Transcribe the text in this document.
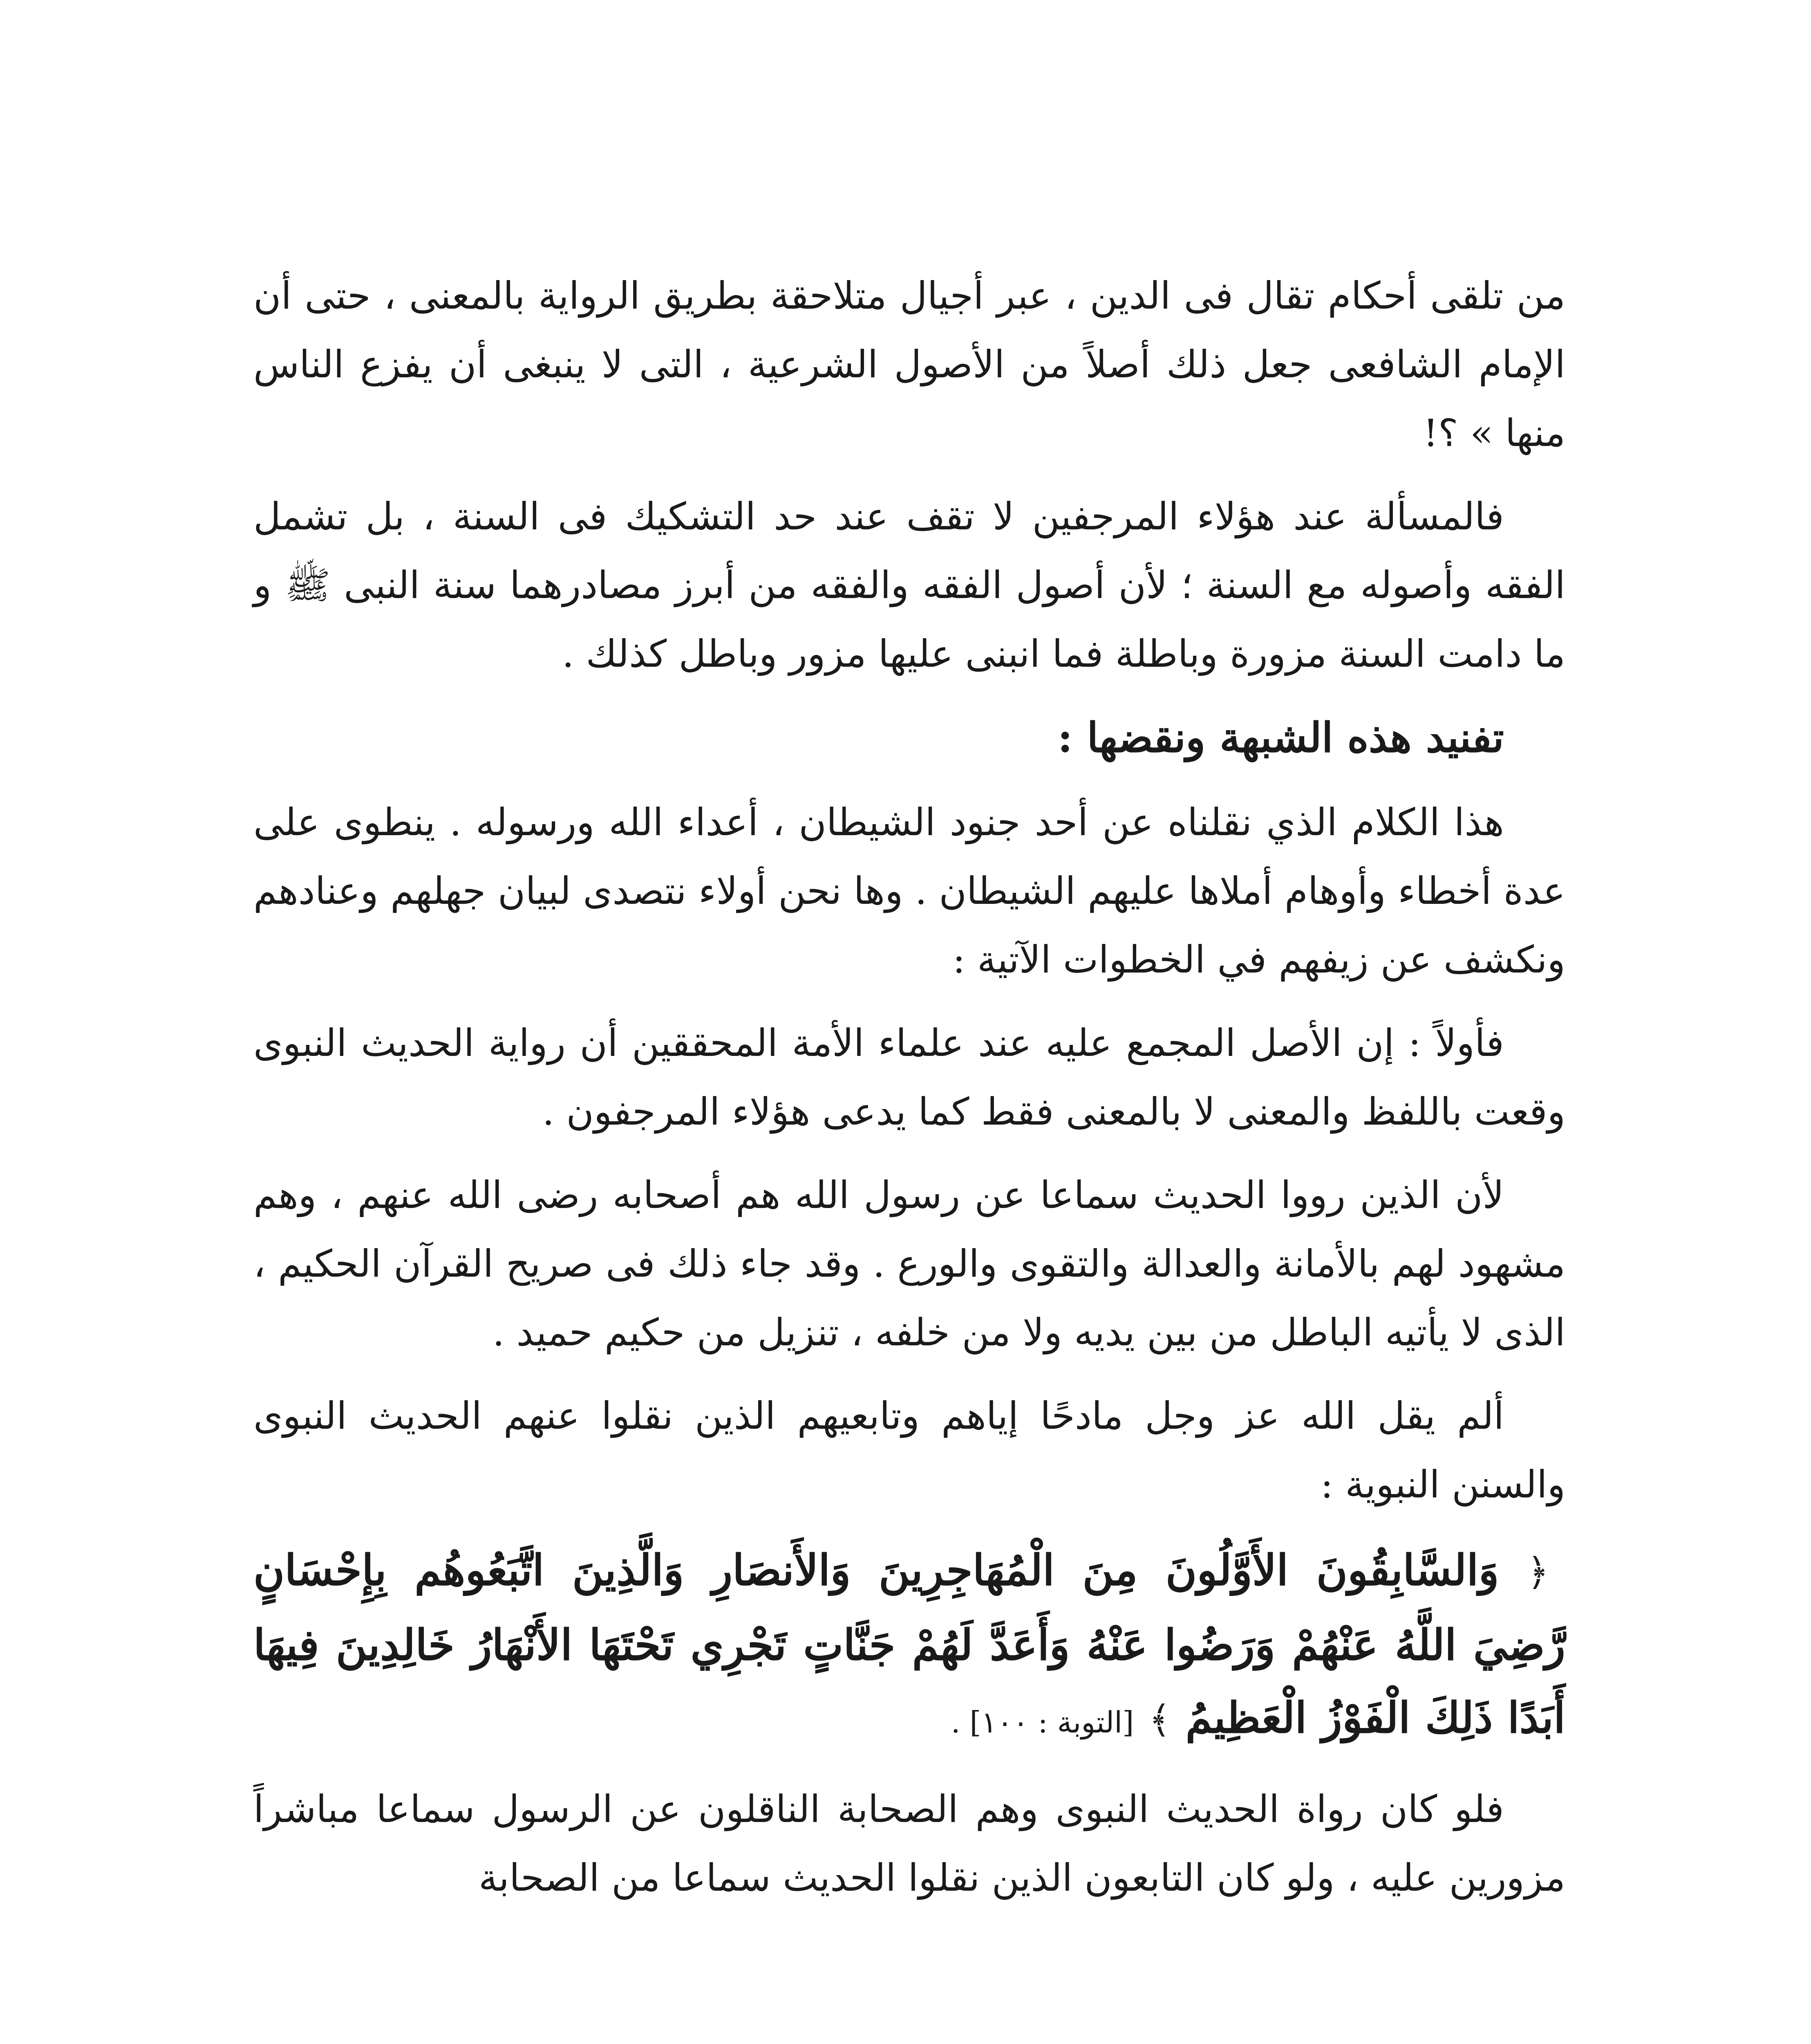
من تلقى أحكام تقال فى الدين ، عبر أجيال متلاحقة بطريق الرواية بالمعنى ، حتى أن الإمام الشافعى جعل ذلك أصلاً من الأصول الشرعية ، التى لا ينبغى أن يفزع الناس منها » ؟!

فالمسألة عند هؤلاء المرجفين لا تقف عند حد التشكيك فى السنة ، بل تشمل الفقه وأصوله مع السنة ؛ لأن أصول الفقه والفقه من أبرز مصادرهما سنة النبى ﷺ و ما دامت السنة مزورة وباطلة فما انبنى عليها مزور وباطل كذلك .

تفنيد هذه الشبهة ونقضها :

هذا الكلام الذي نقلناه عن أحد جنود الشيطان ، أعداء الله ورسوله . ينطوى على عدة أخطاء وأوهام أملاها عليهم الشيطان . وها نحن أولاء نتصدى لبيان جهلهم وعنادهم ونكشف عن زيفهم في الخطوات الآتية :

فأولاً : إن الأصل المجمع عليه عند علماء الأمة المحققين أن رواية الحديث النبوى وقعت باللفظ والمعنى لا بالمعنى فقط كما يدعى هؤلاء المرجفون .

لأن الذين رووا الحديث سماعا عن رسول الله هم أصحابه رضى الله عنهم ، وهم مشهود لهم بالأمانة والعدالة والتقوى والورع . وقد جاء ذلك فى صريح القرآن الحكيم ، الذى لا يأتيه الباطل من بين يديه ولا من خلفه ، تنزيل من حكيم حميد .

ألم يقل الله عز وجل مادحًا إياهم وتابعيهم الذين نقلوا عنهم الحديث النبوى والسنن النبوية :

﴿ وَالسَّابِقُونَ الأَوَّلُونَ مِنَ الْمُهَاجِرِينَ وَالأَنصَارِ وَالَّذِينَ اتَّبَعُوهُم بِإِحْسَانٍ رَّضِيَ اللَّهُ عَنْهُمْ وَرَضُوا عَنْهُ وَأَعَدَّ لَهُمْ جَنَّاتٍ تَجْرِي تَحْتَهَا الأَنْهَارُ خَالِدِينَ فِيهَا أَبَدًا ذَلِكَ الْفَوْزُ الْعَظِيمُ ﴾ [التوبة : ١٠٠] .

فلو كان رواة الحديث النبوى وهم الصحابة الناقلون عن الرسول سماعا مباشراً مزورين عليه ، ولو كان التابعون الذين نقلوا الحديث سماعا من الصحابة
